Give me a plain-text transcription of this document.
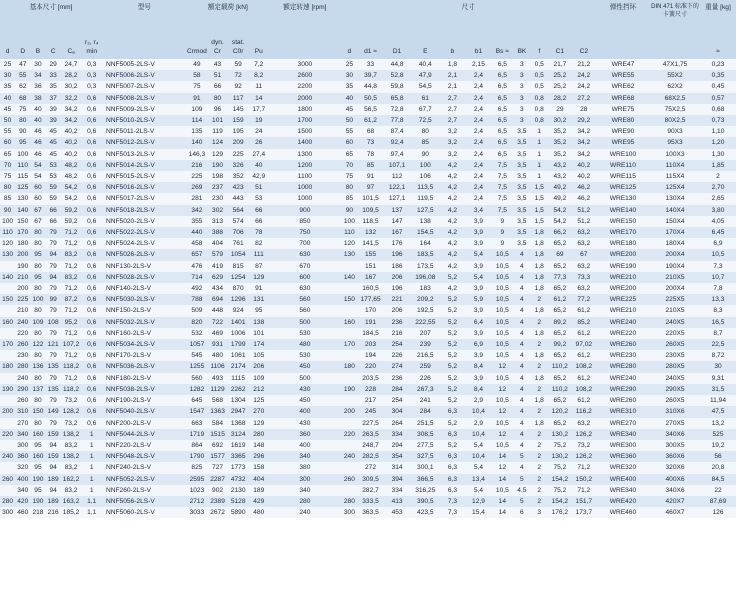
基本尺寸 [mm]						型号	额定载荷 [kN]				额定转速 [rpm]	尺寸											弹性挡环	DIN 471 标准下的卡簧尺寸	重量 [kg]
d	D	B	C	Cₐ	r₃, r₄ min		Crmod	dyn. Cr	stat. C0r	Pu		d	d1 ≈	D1	E	b	b1	Bs ≈	BK	f	C1	C2			≈
25	47	30	29	24,7	0,3	NNF5005-2LS-V	49	43	59	7,2	3000	25	33	44,8	40,4	1,8	2,15	6,5	3	0,5	21,7	21,2	WRE47	47X1,75	0,23
30	55	34	33	28,2	0,3	NNF5006-2LS-V	58	51	72	8,2	2600	30	39,7	52,8	47,9	2,1	2,4	6,5	3	0,5	25,2	24,2	WRE55	55X2	0,35
35	62	36	35	30,2	0,3	NNF5007-2LS-V	75	66	92	11	2200	35	44,8	59,8	54,5	2,1	2,4	6,5	3	0,5	25,2	24,2	WRE62	62X2	0,45
40	68	38	37	32,2	0,6	NNF5008-2LS-V	91	80	117	14	2000	40	50,5	65,8	61	2,7	2,4	6,5	3	0,8	28,2	27,2	WRE68	68X2,5	0,57
45	75	40	39	34,2	0,6	NNF5009-2LS-V	109	96	145	17,7	1800	45	56,5	72,8	67,7	2,7	2,4	6,5	3	0,8	29	28	WRE75	75X2,5	0,68
50	80	40	39	34,2	0,6	NNF5010-2LS-V	114	101	159	19	1700	50	61,2	77,8	72,5	2,7	2,4	6,5	3	0,8	30,2	29,2	WRE80	80X2,5	0,73
55	90	46	45	40,2	0,6	NNF5011-2LS-V	135	119	195	24	1500	55	68	87,4	80	3,2	2,4	6,5	3,5	1	35,2	34,2	WRE90	90X3	1,10
60	95	46	45	40,2	0,6	NNF5012-2LS-V	140	124	209	26	1400	60	73	92,4	85	3,2	2,4	6,5	3,5	1	35,2	34,2	WRE95	95X3	1,20
65	100	46	45	40,2	0,6	NNF5013-2LS-V	146,3	129	225	27,4	1300	65	78	97,4	90	3,2	2,4	6,5	3,5	1	35,2	34,2	WRE100	100X3	1,30
70	110	54	53	48,2	0,6	NNF5014-2LS-V	216	190	326	40	1200	70	85	107,1	100	4,2	2,4	7,5	3,5	1	43,2	40,2	WRE110	110X4	1,85
75	115	54	53	48,2	0,6	NNF5015-2LS-V	225	198	352	42,9	1100	75	91	112	106	4,2	2,4	7,5	3,5	1	43,2	40,2	WRE115	115X4	2
80	125	60	59	54,2	0,6	NNF5016-2LS-V	269	237	423	51	1000	80	97	122,1	113,5	4,2	2,4	7,5	3,5	1,5	49,2	46,2	WRE125	125X4	2,70
85	130	60	59	54,2	0,6	NNF5017-2LS-V	281	230	443	53	1000	85	101,5	127,1	119,5	4,2	2,4	7,5	3,5	1,5	49,2	46,2	WRE130	130X4	2,65
90	140	67	66	59,2	0,6	NNF5018-2LS-V	342	302	564	66	900	90	109,5	137	127,5	4,2	3,4	7,5	3,5	1,5	54,2	51,2	WRE140	140X4	3,80
100	150	67	66	59,2	0,6	NNF5020-2LS-V	355	313	574	66	850	100	118,5	147	138	4,2	3,9	9	3,5	1,5	54,2	51,2	WRE150	150X4	4,05
110	170	80	79	71,2	0,6	NNF5022-2LS-V	440	388	706	78	750	110	132	167	154,5	4,2	3,9	9	3,5	1,8	66,2	63,2	WRE170	170X4	6,45
120	180	80	79	71,2	0,6	NNF5024-2LS-V	458	404	761	82	700	120	141,5	176	164	4,2	3,9	9	3,5	1,8	65,2	63,2	WRE180	180X4	6,9
130	200	95	94	83,2	0,6	NNF5026-2LS-V	657	579	1054	111	630	130	155	196	183,5	4,2	5,4	10,5	4	1,8	69	67	WRE200	200X4	10,5
	190	80	79	71,2	0,6	NNF130-2LS-V	476	419	815	87	670		151	186	173,5	4,2	3,9	10,5	4	1,8	65,2	63,2	WRE190	190X4	7,3
140	210	95	94	83,2	0,6	NNF5028-2LS-V	714	629	1254	129	600	140	167	206	196,08	5,2	5,4	10,5	4	1,8	77,3	73,3	WRE210	210X5	10,7
	200	80	79	71,2	0,6	NNF140-2LS-V	492	434	870	91	630		160,5	196	183	4,2	3,9	10,5	4	1,8	65,2	63,2	WRE200	200X4	7,8
150	225	100	99	87,2	0,6	NNF5030-2LS-V	788	694	1296	131	560	150	177,65	221	209,2	5,2	5,9	10,5	4	2	61,2	77,2	WRE225	225X5	13,3
	210	80	79	71,2	0,6	NNF150-2LS-V	509	448	924	95	560		170	206	192,5	5,2	3,9	10,5	4	1,8	65,2	61,2	WRE210	210X5	8,3
160	240	109	108	95,2	0,6	NNF5032-2LS-V	820	722	1401	138	500	160	191	236	222,55	5,2	6,4	10,5	4	2	89,2	85,2	WRE240	240X5	16,5
	220	80	79	71,2	0,6	NNF160-2LS-V	532	469	1006	101	530		184,5	216	207	5,2	3,9	10,5	4	1,8	65,2	61,2	WRE220	220X5	8,7
170	260	122	121	107,2	0,6	NNF5034-2LS-V	1057	931	1799	174	480	170	203	254	239	5,2	6,9	10,5	4	2	99,2	97,02	WRE260	260X5	22,5
	230	80	79	71,2	0,6	NNF170-2LS-V	545	480	1061	105	530		194	226	216,5	5,2	3,9	10,5	4	1,8	65,2	61,2	WRE230	230X5	8,72
180	280	136	135	118,2	0,6	NNF5036-2LS-V	1255	1106	2174	206	450	180	220	274	259	5,2	8,4	12	4	2	110,2	108,2	WRE280	280X5	30
	240	80	79	71,2	0,6	NNF180-2LS-V	560	493	1115	109	500		203,5	236	226	5,2	3,9	10,5	4	1,8	65,2	61,2	WRE240	240X5	9,31
190	290	137	135	118,2	0,6	NNF5038-2LS-V	1282	1129	2262	212	430	190	228	284	267,3	5,2	8,4	12	4	2	110,2	108,2	WRE290	290X5	31,5
	260	80	79	73,2	0,6	NNF190-2LS-V	645	568	1304	125	450		217	254	241	5,2	2,9	10,5	4	1,8	65,2	61,2	WRE260	260X5	11,94
200	310	150	149	128,2	0,6	NNF5040-2LS-V	1547	1363	2947	270	400	200	245	304	284	6,3	10,4	12	4	2	120,2	116,2	WRE310	310X6	47,5
	270	80	79	73,2	0,6	NNF200-2LS-V	663	584	1368	129	430		227,5	264	251,5	5,2	2,9	10,5	4	1,8	65,2	63,2	WRE270	270X5	13,2
220	340	160	159	138,2	1	NNF5044-2LS-V	1719	1515	3124	280	360	220	263,5	334	308,5	6,3	10,4	12	4	2	130,2	126,2	WRE340	340X6	525
	300	95	94	83,2	1	NNF220-2LS-V	864	692	1619	148	400		248,7	294	277,5	5,2	5,4	10,5	4	2	75,2	73,2	WRE300	300X5	19,2
240	360	160	159	138,2	1	NNF5048-2LS-V	1790	1577	3365	296	340	240	282,5	354	327,5	6,3	10,4	14	5	2	130,2	126,2	WRE360	360X6	56
	320	95	94	83,2	1	NNF240-2LS-V	825	727	1773	158	380		272	314	300,1	6,3	5,4	12	4	2	75,2	71,2	WRE320	320X6	20,8
260	400	190	189	162,2	1	NNF5052-2LS-V	2595	2287	4732	404	300	260	309,5	394	366,5	6,3	13,4	14	5	2	154,2	150,2	WRE400	400X6	84,5
	340	95	94	83,2	1	NNF260-2LS-V	1023	902	2130	189	340		282,7	334	316,25	6,3	5,4	10,5	4,5	2	75,2	71,2	WRE340	340X6	22
280	420	190	189	163,2	1,1	NNF5056-2LS-V	2712	2389	5128	429	280	280	333,5	413	390,5	7,3	12,9	14	5	2	154,2	151,7	WRE420	420X7	87,69
300	460	218	216	185,2	1,1	NNF5060-2LS-V	3033	2672	5890	480	240	300	363,5	453	423,5	7,3	15,4	14	6	3	176,2	173,7	WRE460	460X7	126
